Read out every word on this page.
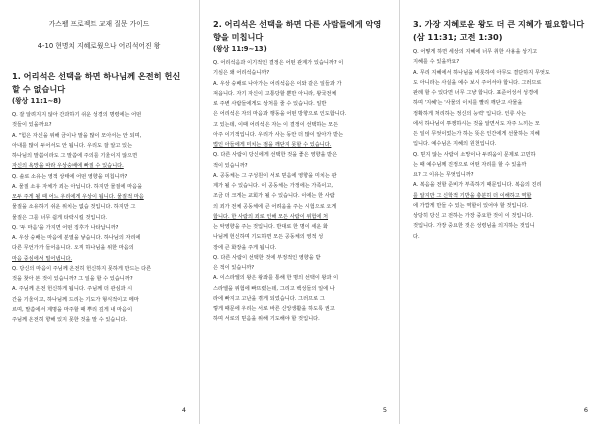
가스펠 프로젝트 교재 질문 가이드
4-10 현명치 지혜로웠으나 어리석어진 왕

1. 어리석은 선택을 하면 하나님께 온전히 헌신할 수 없습니다

(왕상 11:1~8)

Q. 잘 알려지지 않아 간과하기 쉬운 성경의 명령에는 어떤

것들이 있을까요?

A. "힘은 자신을 위해 금이나 말을 많이 모아서는 안 되며,

아내를 많이 두어서도 안 됩니다. 우리도 잘 알고 있는

하나님의 말씀이라도 그 말씀에 주의를 기울이지 않으면

자신의 욕망을 따라 우상숭배에 빠질 수 있습니다.

Q. 솔로 소유는 영적 상태에 어떤 영향을 미칩니까?

A. 물질 소유 자체가 죄는 아닙니다. 하지만 물질에 마음을

모두 주게 될 때 어느 우리에게 우상이 됩니다. 물질적 마음

물질을 소유하기 쉬운 위치는 없습 것입니다. 하지만 그

물질은 그를 너무 쉽게 타락시킬 것입니다.

Q. '두 마음'을 가지면 어떤 징후가 나타납니까?

A. 우상 숭배는 마음에 분열을 낳습니다. 하나님의 자리에

다른 무언가가 들어옵니다. 오직 하나님을 위한 마음의

마음 중심에서 밀어냅니다.

Q. 당신의 마음이 주님께 온전히 헌신하지 못하게 만드는 다른

것을 찾아 본 것이 있습니까? 그 일을 할 수 있습니까?

A. 주님께 온전 헌신하게 됩니다. 주님께 더 관심과 시

간을 기울이고, 하나님께 드리는 기도가 형식적이고 메마

르며, 말씀에서 계명을 마주할 때 뿌리 깊게 내 마음이

주님께 온전히 향해 있지 못한 것을 말 수 있습니다.

4

2. 어리석은 선택을 하면 다른 사람들에게 악영향을 미칩니다

(왕상 11:9~13)

Q. 어리석음과 이기적인 결정은 어떤 관계가 있습니까? 이

기심은 왜 어리석습니까?

A. 우상 숭배로 나아가는 어리석음은 이와 같은 일들과 가

져옵니다. 자기 자신이 고통당할 뿐만 아니라, 왕국전체

로 주변 사람들에게도 상처를 줄 수 있습니다. 일반

은 어리석은 자의 마음과 행동을 어떤 방향으로 인도합니다.

고 있는데, 이때 어리석은 자는 이 결정이 선택하는 모든

아주 이기적입니다. 우리가 사는 동안 더 많이 알아가 받는

법인 아들에게 미치는 점을 깨닫지 못할 수 있습니다.

Q. 다른 사람이 당신에게 선택한 것을 좋은 영향을 받은

적이 있습니까?

A. 공동체는 그 구성원이 서로 믿음에 영향을 미치는 관

계가 될 수 있습니다. 이 공동체는 가정에는 가족이고,

조금 더 크게는 교회가 될 수 있습니다. 이에는 한 사람

의 죄가 전체 공동체에 큰 어려움을 주는 시험으로 오게

합니다. 한 사람의 죄로 인해 모든 사람이 위험에 처

는 악영향을 주는 것입니다. 반대로 한 명이 세운 화

나님께 헌신하며 기도하면 모든 공동체의 영적 성

장에 큰 화장을 주게 됩니다.

Q. 다른 사람이 선택한 것에 부정적인 영향을 받

은 적이 있습니까?

A. 이스라엘의 왕은 왕좌를 통해 한 명의 선택이 왕과 이

스라엘을 위험에 빠뜨렸는데, 그리고 백성들의 일에 나

라에 빠지고 고난을 겪게 되었습니다. 그러므로 그

렇게 때문에 우리는 서로 바른 신앙생활을 하도록 권고

하며 서로의 믿음을 위해 기도해야 할 것입니다.

5

3. 가장 지혜로운 왕도 더 큰 지혜가 필요합니다(삼 11:31; 고전 1:30)

Q. 어떻게 하면 세상의 지혜에 너무 취한 사용을 상기고

지혜를 수 있을까요?

A. 무리 지혜에서 하나님을 비롯하여 아무도 결단하지 무엇도

도 아니라는 사실을 예수 보시 주어서야 합니다. 그러므로

판례 할 수 있다면 너무 그냥 합니다. 표준어성서 성경에

하며 '지혜'는 '사물의 이치를 빨리 깨닫고 사물을

정확하게 처리하는 정신의 능력' 입니다. 인류 사는

에서 하나님이 투쟁하시는 것을 알면서도 자주 느끼는 모

든 일이 무엇이었는가 하는 뜻은 인간에게 선물하는 지혜

입니다. 예수님은 지혜의 원천입니다.

Q. 믿지 않는 사람이 소망이나 두려움이 문제로 고민하

는 때 예수님께 진정으로 어떤 자리를 할 수 있을까

요? 그 이유는 무엇입니까?

A. 복음을 전할 준비가 부족하기 때문입니다. 복음의 진리

를 알지만 그 신학적 기반을 충분히 더 이해하고 역할

에 가깝게 만들 수 있는 역할이 있어야 할 것입니다.

상당히 당신 고 전하는 가장 중요한 것이 이 것입니다.

것입니다. 가장 중요한 것은 성령님을 의지하는 것입니

다.

6
